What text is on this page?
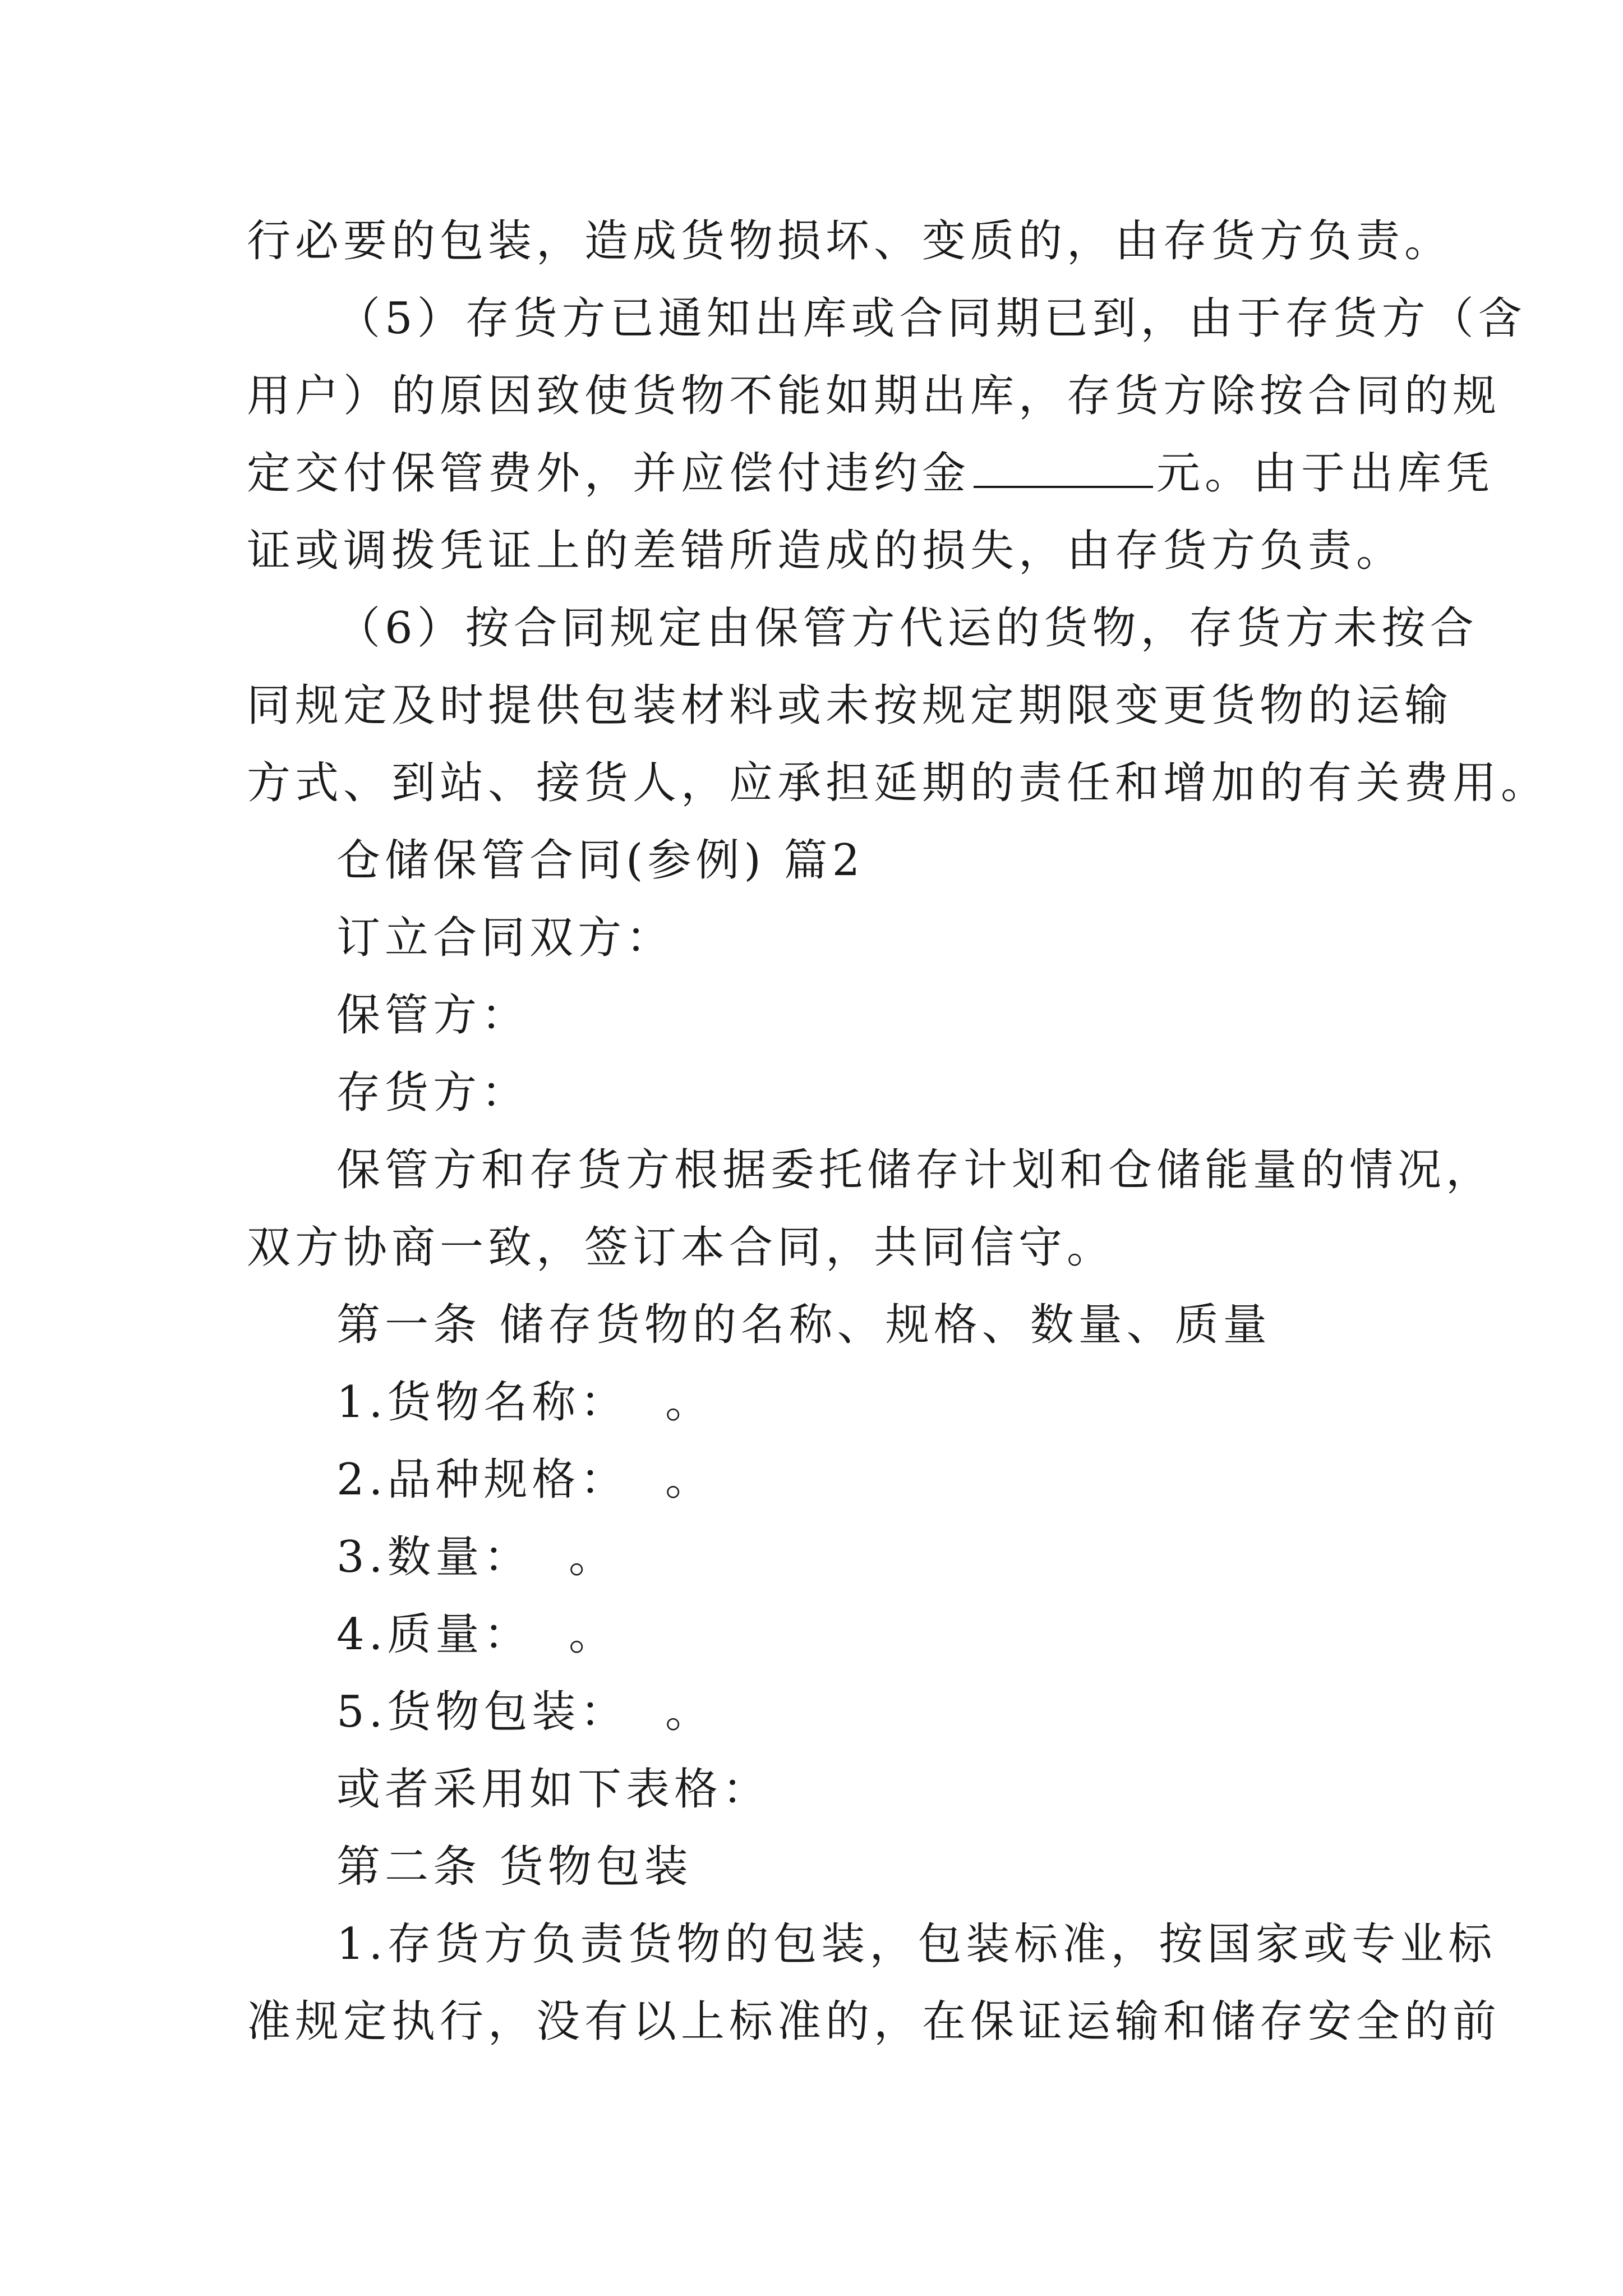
行必要的包装，造成货物损坏、变质的，由存货方负责。
（5）存货方已通知出库或合同期已到，由于存货方（含
用户）的原因致使货物不能如期出库，存货方除按合同的规
定交付保管费外，并应偿付违约金	元。由于出库凭
证或调拨凭证上的差错所造成的损失，由存货方负责。
（6）按合同规定由保管方代运的货物，存货方未按合
同规定及时提供包装材料或未按规定期限变更货物的运输
方式、到站、接货人，应承担延期的责任和增加的有关费用。
仓储保管合同(参例) 篇2
订立合同双方：
保管方：
存货方：
保管方和存货方根据委托储存计划和仓储能量的情况，
双方协商一致，签订本合同，共同信守。
第一条 储存货物的名称、规格、数量、质量
1.货物名称：  。
2.品种规格：  。
3.数量：  。
4.质量：  。
5.货物包装：  。
或者采用如下表格：
第二条 货物包装
1.存货方负责货物的包装，包装标准，按国家或专业标
准规定执行，没有以上标准的，在保证运输和储存安全的前
